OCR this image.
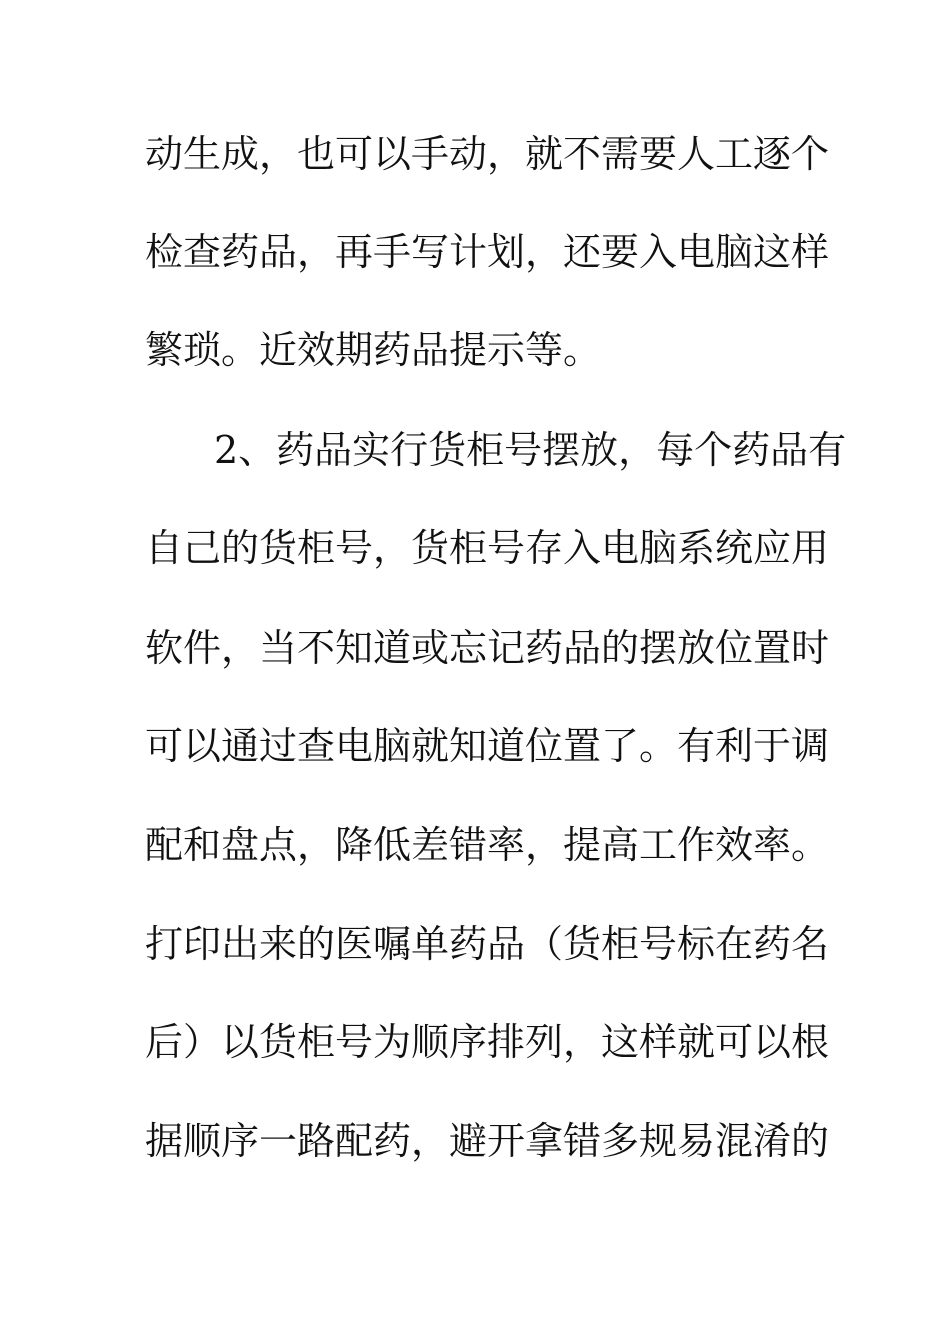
动生成，也可以手动，就不需要人工逐个
检查药品，再手写计划，还要入电脑这样
繁琐。近效期药品提示等。
2、药品实行货柜号摆放，每个药品有
自己的货柜号，货柜号存入电脑系统应用
软件，当不知道或忘记药品的摆放位置时
可以通过查电脑就知道位置了。有利于调
配和盘点，降低差错率，提高工作效率。
打印出来的医嘱单药品（货柜号标在药名
后）以货柜号为顺序排列，这样就可以根
据顺序一路配药，避开拿错多规易混淆的
